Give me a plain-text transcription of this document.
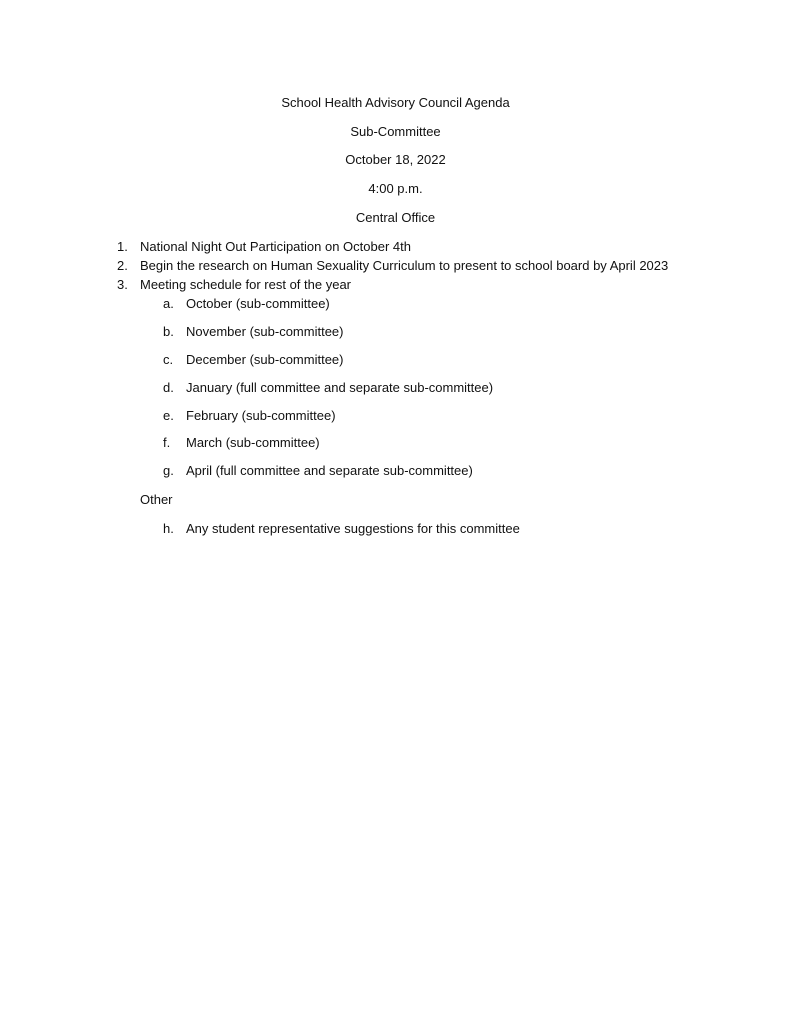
School Health Advisory Council Agenda
Sub-Committee
October 18, 2022
4:00 p.m.
Central Office
1. National Night Out Participation on October 4th
2. Begin the research on Human Sexuality Curriculum to present to school board by April 2023
3. Meeting schedule for rest of the year
a. October (sub-committee)
b. November (sub-committee)
c. December (sub-committee)
d. January (full committee and separate sub-committee)
e. February (sub-committee)
f. March (sub-committee)
g. April (full committee and separate sub-committee)
Other
h. Any student representative suggestions for this committee
